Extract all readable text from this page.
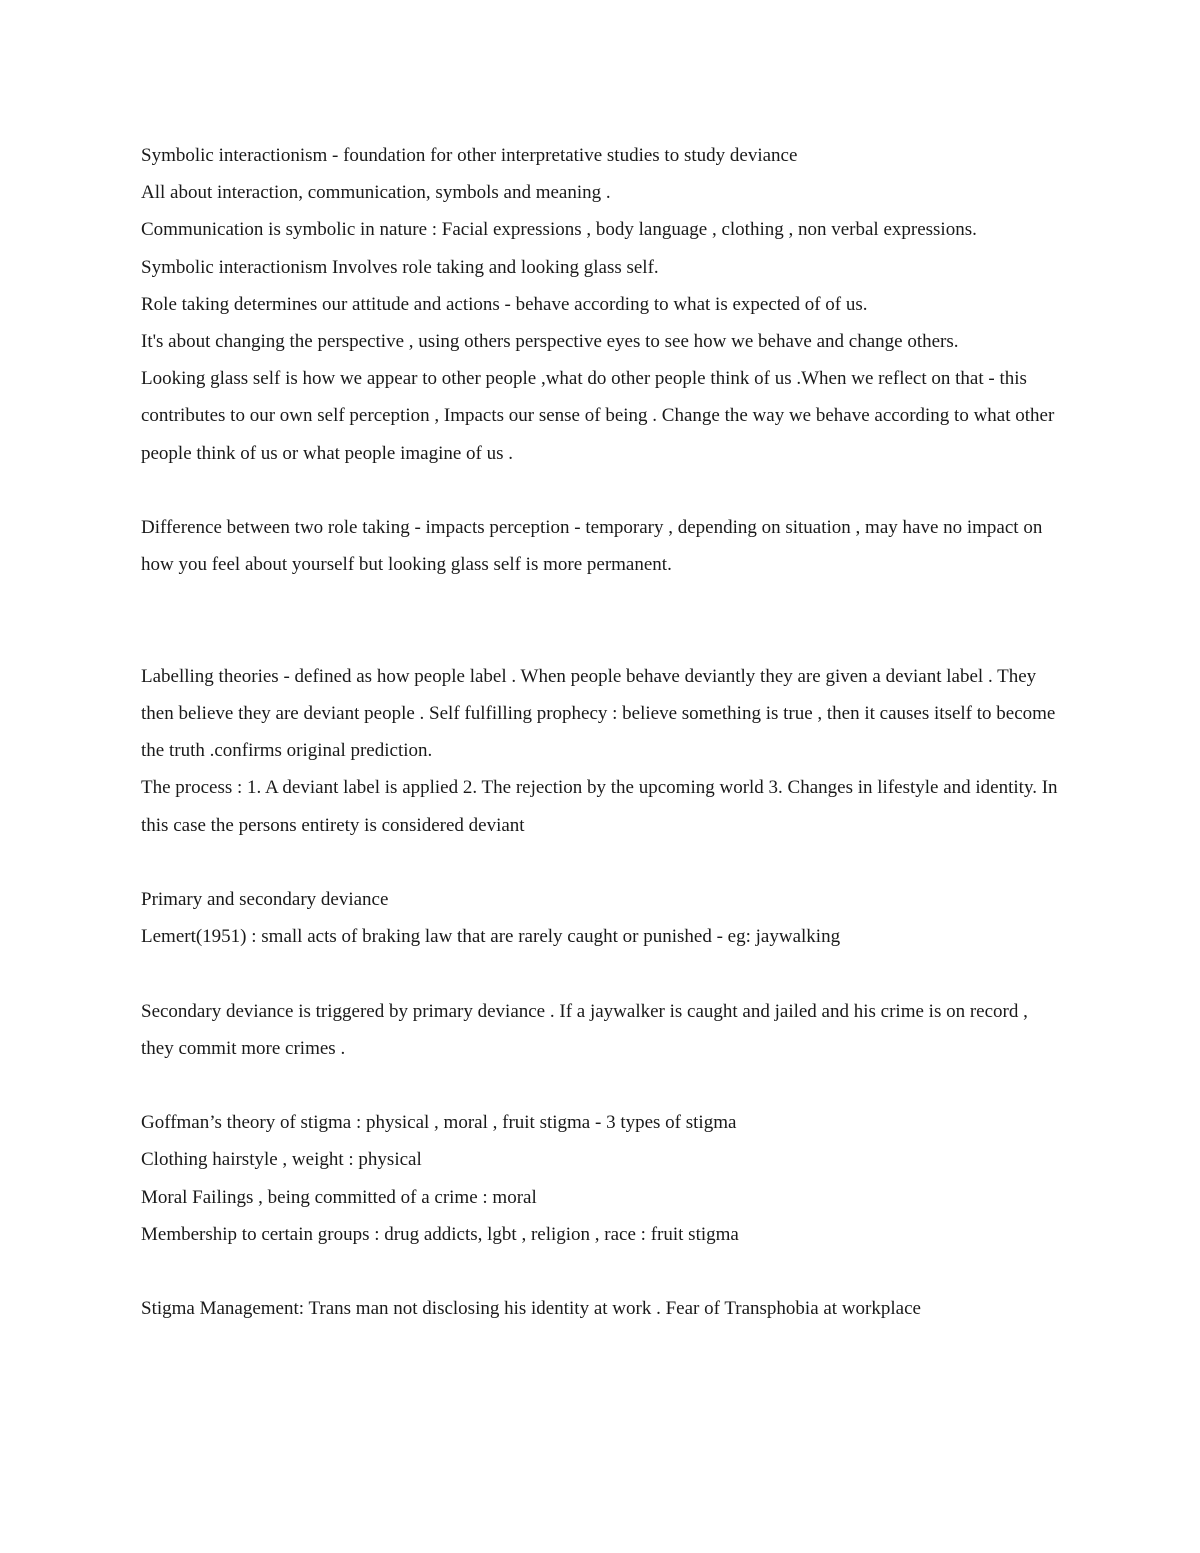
Symbolic interactionism - foundation for other interpretative studies to study deviance

All about interaction, communication, symbols and meaning .

Communication is symbolic in nature : Facial expressions , body language , clothing , non verbal expressions.

Symbolic interactionism Involves role taking and looking glass self.

Role taking determines our attitude and actions - behave according to what is expected of of us.

It's about changing the perspective , using others perspective eyes to see how we behave and change others.

Looking glass self is how we appear to other people ,what do other people think of us .When we reflect on that - this contributes to our own self perception , Impacts our sense of being . Change the way we behave according to what other people think of us or what people imagine of us .

Difference between two role taking - impacts perception - temporary , depending on situation , may have no impact on how you feel about yourself but looking glass self is more permanent.

Labelling theories - defined as how people label . When people behave deviantly they are given a deviant label . They then believe they are deviant people . Self fulfilling prophecy : believe something is true , then it causes itself to become the truth .confirms original prediction.

The process : 1. A deviant label is applied 2. The rejection by the upcoming world 3. Changes in lifestyle and identity. In this case the persons entirety is considered deviant

Primary and secondary deviance

Lemert(1951) : small acts of braking law that are rarely caught or punished - eg: jaywalking

Secondary deviance is triggered by primary deviance . If a jaywalker is caught and jailed and his crime is on record , they commit more crimes .

Goffman’s theory of stigma : physical , moral , fruit stigma - 3 types of stigma

Clothing hairstyle , weight : physical

Moral Failings , being committed of a crime : moral

Membership to certain groups : drug addicts, lgbt , religion , race : fruit stigma

Stigma Management: Trans man not disclosing his identity at work . Fear of Transphobia at workplace
